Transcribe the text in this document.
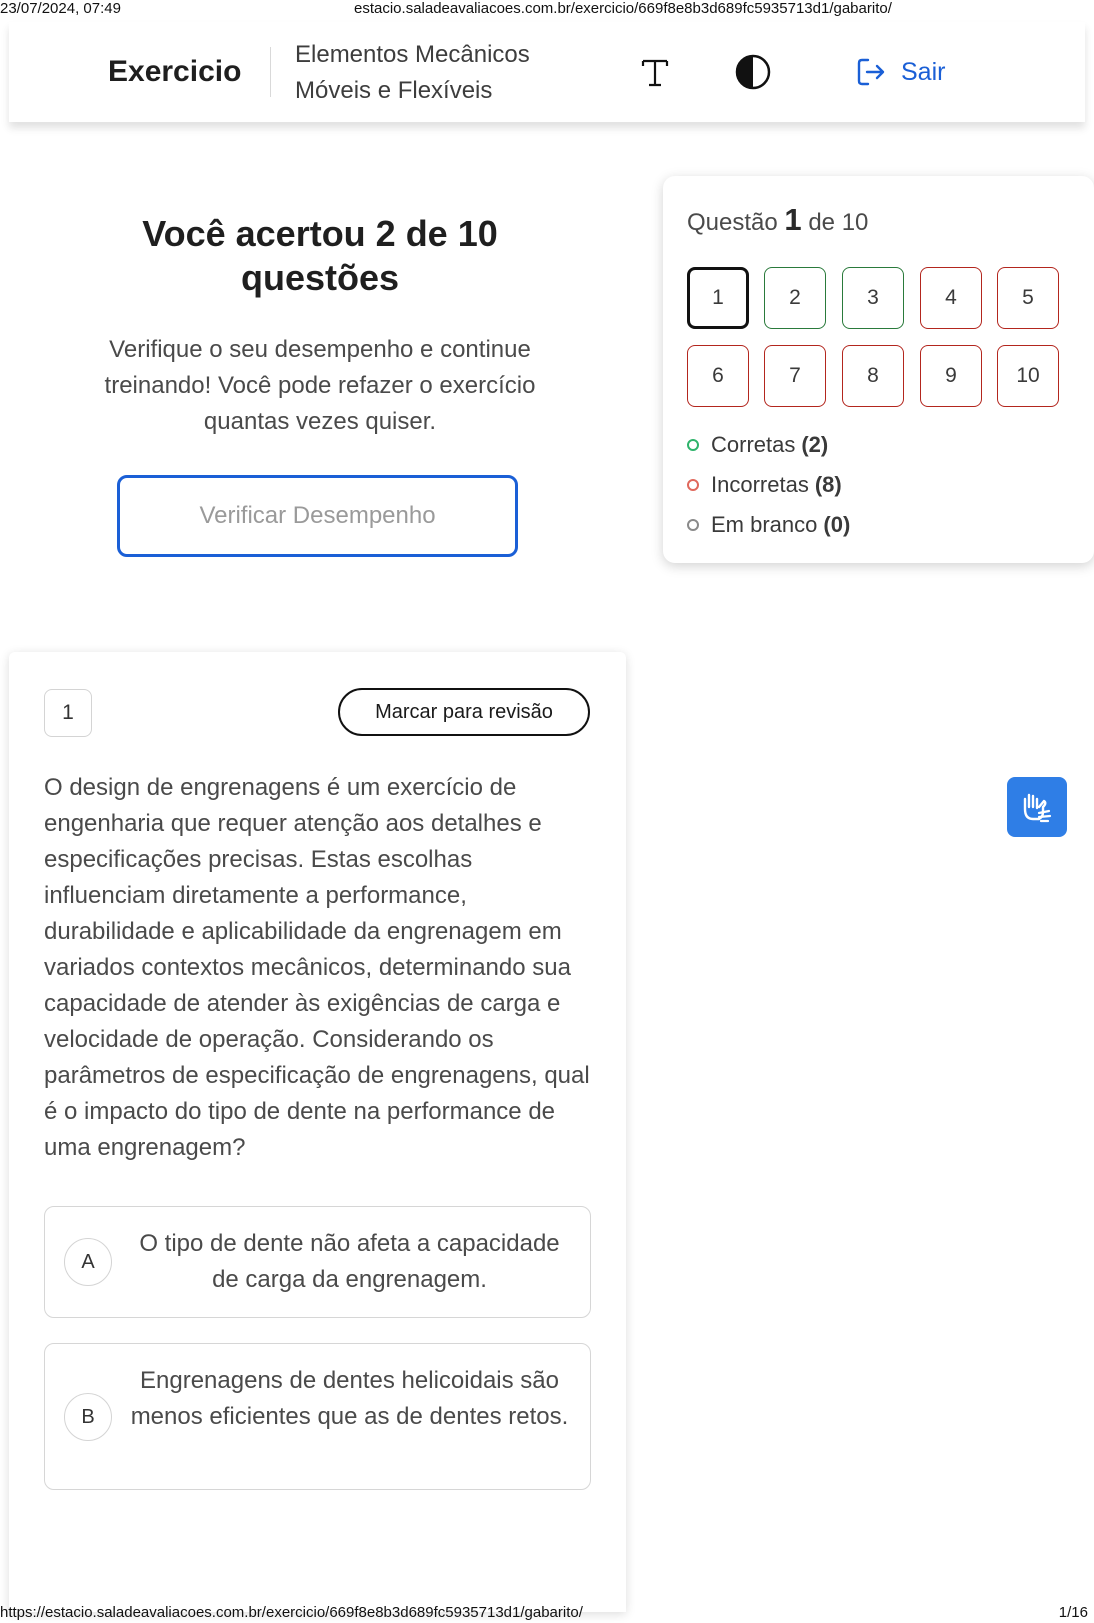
23/07/2024, 07:49	estacio.saladeavaliacoes.com.br/exercicio/669f8e8b3d689fc5935713d1/gabarito/
Exercicio
Elementos Mecânicos
Móveis e Flexíveis
Sair
Você acertou 2 de 10 questões
Verifique o seu desempenho e continue treinando! Você pode refazer o exercício quantas vezes quiser.
Verificar Desempenho
Questão 1 de 10
1	2	3	4	5
6	7	8	9	10
Corretas (2)
Incorretas (8)
Em branco (0)
1	Marcar para revisão
O design de engrenagens é um exercício de engenharia que requer atenção aos detalhes e especificações precisas. Estas escolhas influenciam diretamente a performance, durabilidade e aplicabilidade da engrenagem em variados contextos mecânicos, determinando sua capacidade de atender às exigências de carga e velocidade de operação. Considerando os parâmetros de especificação de engrenagens, qual é o impacto do tipo de dente na performance de uma engrenagem?
A
O tipo de dente não afeta a capacidade de carga da engrenagem.
B
Engrenagens de dentes helicoidais são menos eficientes que as de dentes retos.
https://estacio.saladeavaliacoes.com.br/exercicio/669f8e8b3d689fc5935713d1/gabarito/	1/16
